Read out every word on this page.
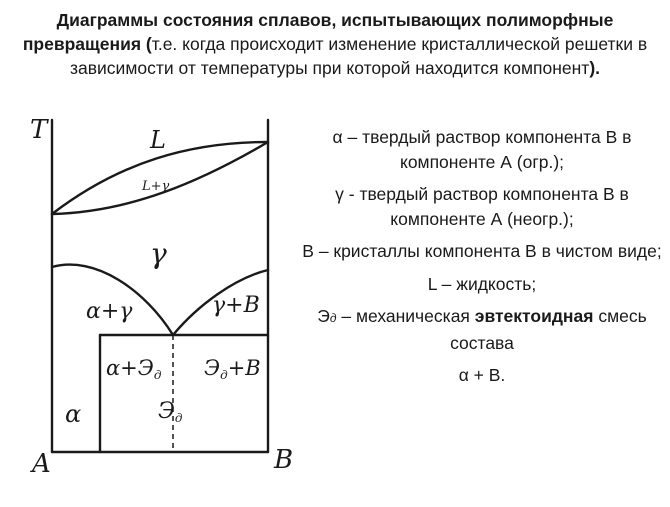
Диаграммы состояния сплавов, испытывающих полиморфные превращения (т.е. когда происходит изменение кристаллической решетки в зависимости от температуры при которой находится компонент).
T
A	B
L
L+γ
γ
α+γ	γ+B
α+Эд Эд+B
α	Эд

α – твердый раствор компонента В в компоненте А (огр.);

γ - твердый раствор компонента В в компоненте А (неогр.);

В – кристаллы компонента В в чистом виде;

L – жидкость;

Эд – механическая эвтектоидная смесь состава

α + В.
